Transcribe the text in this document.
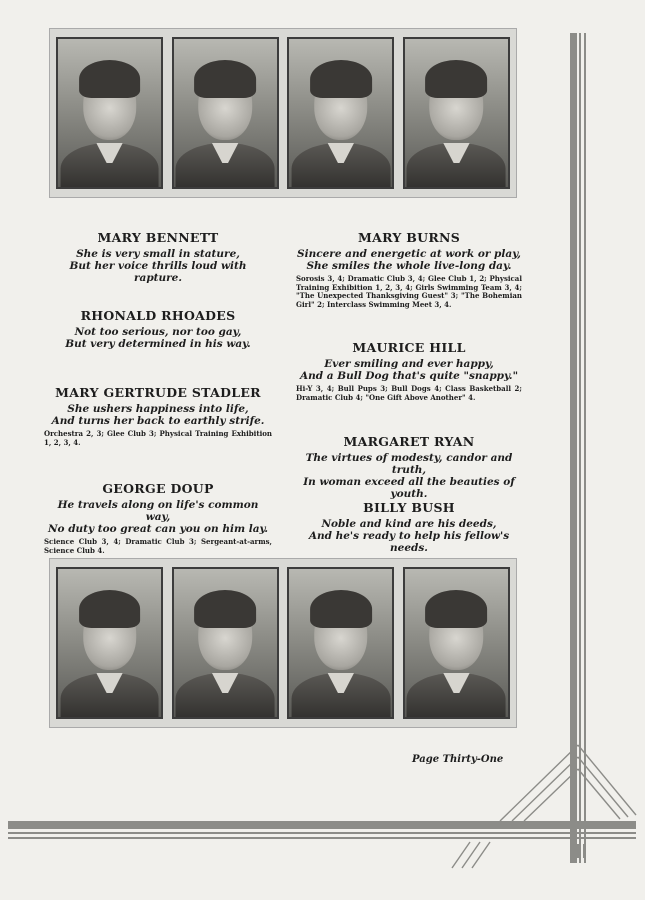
MARY BENNETT
She is very small in stature,
But her voice thrills loud with rapture.
RHONALD RHOADES
Not too serious, nor too gay,
But very determined in his way.
MARY GERTRUDE STADLER
She ushers happiness into life,
And turns her back to earthly strife.
Orchestra 2, 3; Glee Club 3; Physical Training Exhibition 1, 2, 3, 4.
GEORGE DOUP
He travels along on life's common way,
No duty too great can you on him lay.
Science Club 3, 4; Dramatic Club 3; Sergeant-at-arms, Science Club 4.
MARY BURNS
Sincere and energetic at work or play,
She smiles the whole live-long day.
Sorosis 3, 4; Dramatic Club 3, 4; Glee Club 1, 2; Physical Training Exhibition 1, 2, 3, 4; Girls Swimming Team 3, 4; "The Unexpected Thanksgiving Guest" 3; "The Bohemian Girl" 2; Interclass Swimming Meet 3, 4.
MAURICE HILL
Ever smiling and ever happy,
And a Bull Dog that's quite "snappy."
Hi-Y 3, 4; Bull Pups 3; Bull Dogs 4; Class Basketball 2; Dramatic Club 4; "One Gift Above Another" 4.
MARGARET RYAN
The virtues of modesty, candor and truth,
In woman exceed all the beauties of youth.
BILLY BUSH
Noble and kind are his deeds,
And he's ready to help his fellow's needs.
Page Thirty-One
